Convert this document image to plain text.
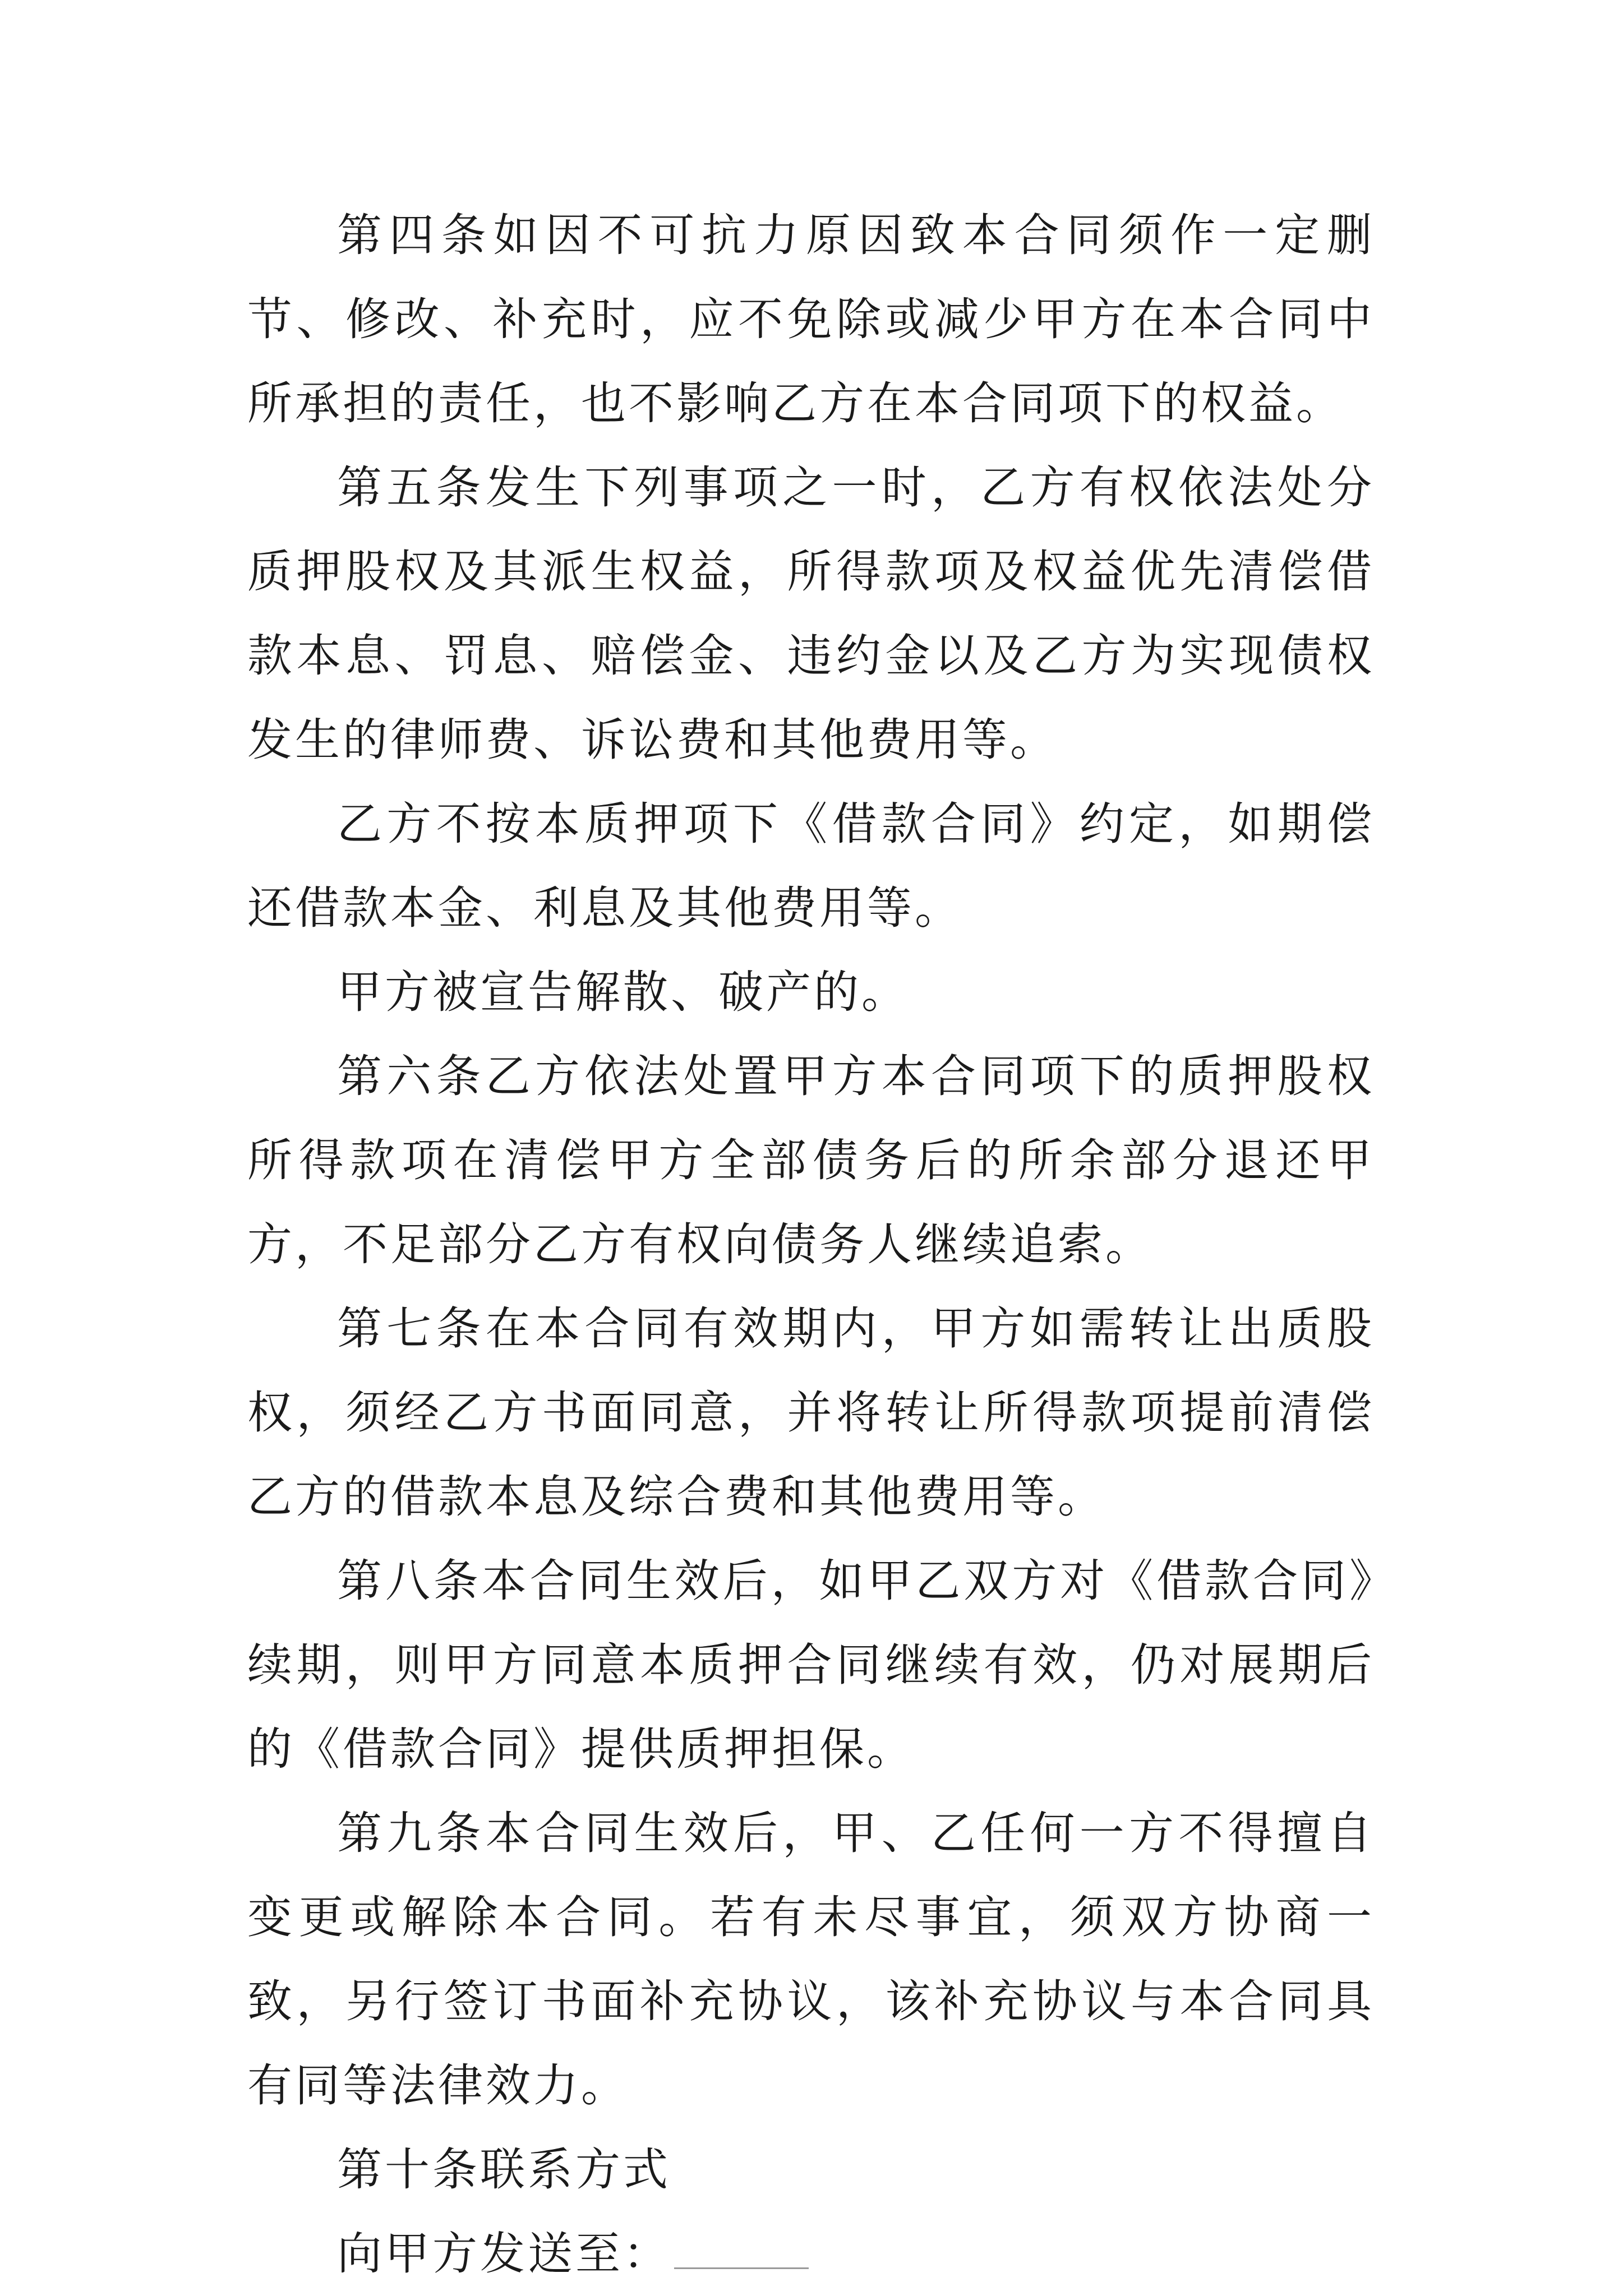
第四条如因不可抗力原因致本合同须作一定删节、修改、补充时，应不免除或减少甲方在本合同中所承担的责任，也不影响乙方在本合同项下的权益。

第五条发生下列事项之一时，乙方有权依法处分质押股权及其派生权益，所得款项及权益优先清偿借款本息、罚息、赔偿金、违约金以及乙方为实现债权发生的律师费、诉讼费和其他费用等。

乙方不按本质押项下《借款合同》约定，如期偿还借款本金、利息及其他费用等。

甲方被宣告解散、破产的。

第六条乙方依法处置甲方本合同项下的质押股权所得款项在清偿甲方全部债务后的所余部分退还甲方，不足部分乙方有权向债务人继续追索。

第七条在本合同有效期内，甲方如需转让出质股权，须经乙方书面同意，并将转让所得款项提前清偿乙方的借款本息及综合费和其他费用等。

第八条本合同生效后，如甲乙双方对《借款合同》续期，则甲方同意本质押合同继续有效，仍对展期后的《借款合同》提供质押担保。

第九条本合同生效后，甲、乙任何一方不得擅自变更或解除本合同。若有未尽事宜，须双方协商一致，另行签订书面补充协议，该补充协议与本合同具有同等法律效力。

第十条联系方式

向甲方发送至：
